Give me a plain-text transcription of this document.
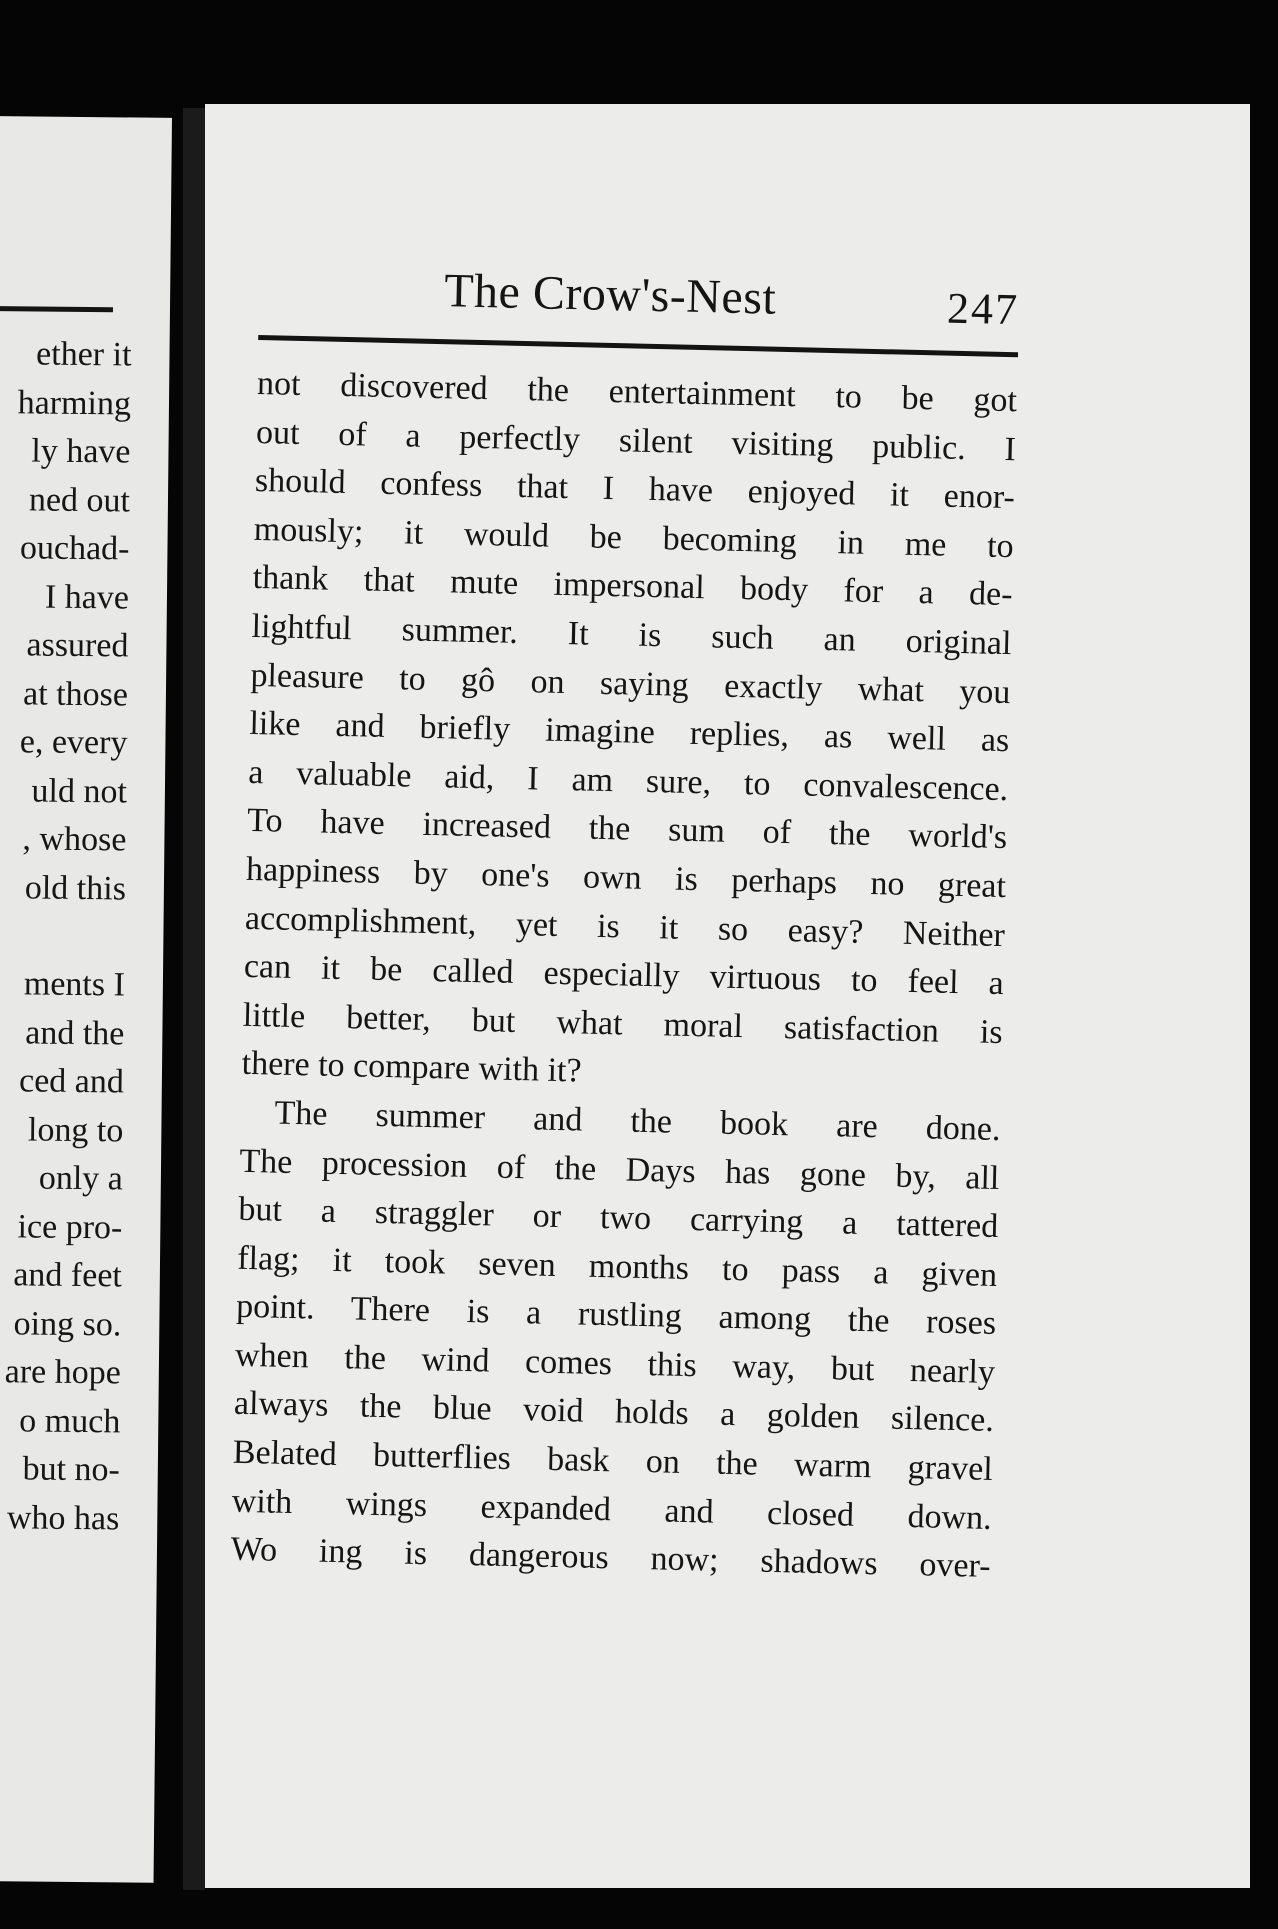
ether it
harming
ly have
ned out
ouchad-
I have
assured
at those
e, every
uld not
, whose
old this
ments I
and the
ced and
long to
only a
ice pro-
and feet
oing so.
are hope
o much
but no-
who has
The Crow's-Nest	247
not discovered the entertainment to be got
out of a perfectly silent visiting public. I
should confess that I have enjoyed it enor-
mously; it would be becoming in me to
thank that mute impersonal body for a de-
lightful summer. It is such an original
pleasure to gô on saying exactly what you
like and briefly imagine replies, as well as
a valuable aid, I am sure, to convalescence.
To have increased the sum of the world's
happiness by one's own is perhaps no great
accomplishment, yet is it so easy? Neither
can it be called especially virtuous to feel a
little better, but what moral satisfaction is
there to compare with it?
The summer and the book are done.
The procession of the Days has gone by, all
but a straggler or two carrying a tattered
flag; it took seven months to pass a given
point. There is a rustling among the roses
when the wind comes this way, but nearly
always the blue void holds a golden silence.
Belated butterflies bask on the warm gravel
with wings expanded and closed down.
Wo ing is dangerous now; shadows over-
